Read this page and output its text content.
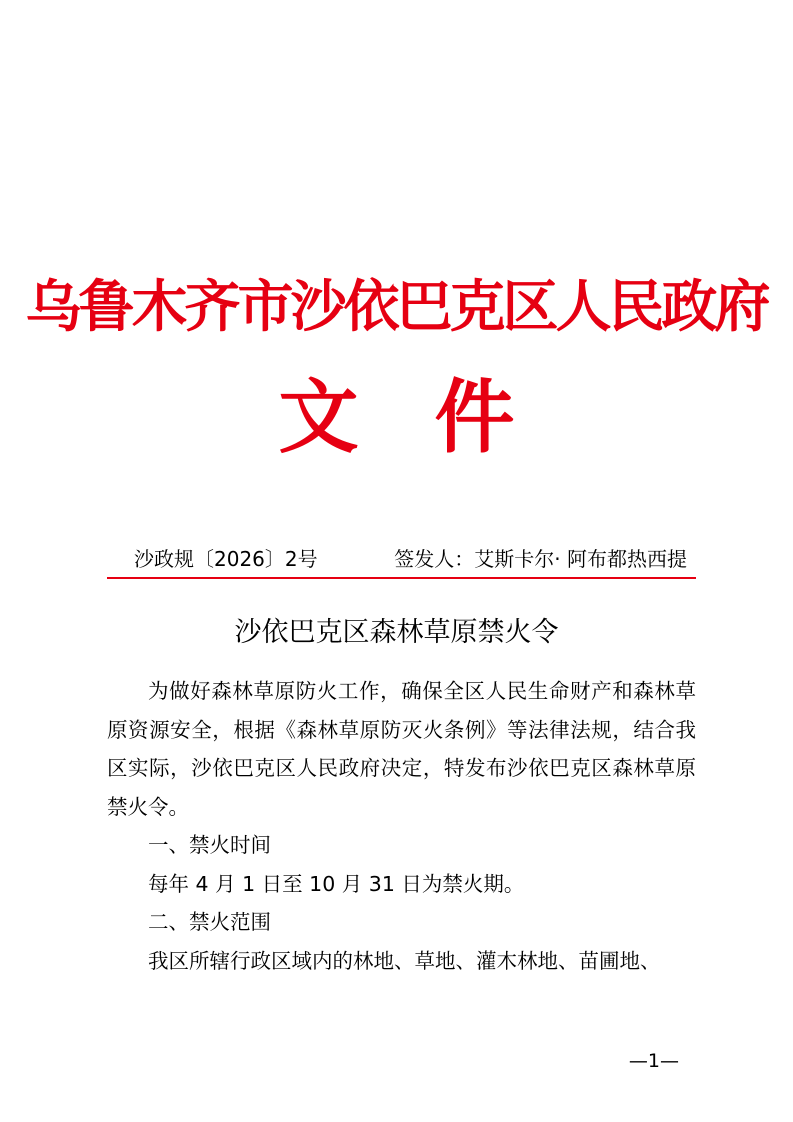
乌鲁木齐市沙依巴克区人民政府
文件
沙政规〔2026〕2号	签发人：艾斯卡尔· 阿布都热西提
沙依巴克区森林草原禁火令

为做好森林草原防火工作，确保全区人民生命财产和森林草原资源安全，根据《森林草原防灭火条例》等法律法规，结合我区实际，沙依巴克区人民政府决定，特发布沙依巴克区森林草原禁火令。

一、禁火时间

每年 4 月 1 日至 10 月 31 日为禁火期。

二、禁火范围

我区所辖行政区域内的林地、草地、灌木林地、苗圃地、

—1—
